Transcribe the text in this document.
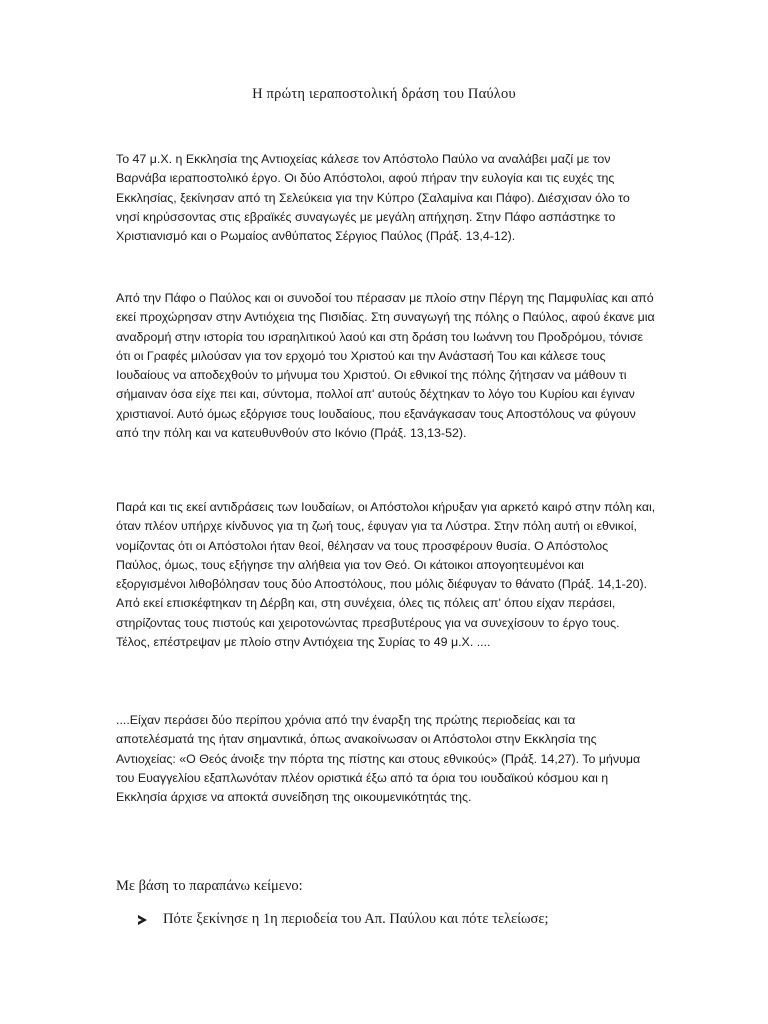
Η πρώτη ιεραποστολική δράση του Παύλου

Το 47 μ.Χ. η Εκκλησία της Αντιοχείας κάλεσε τον Απόστολο Παύλο να αναλάβει μαζί με τον Βαρνάβα ιεραποστολικό έργο. Οι δύο Απόστολοι, αφού πήραν την ευλογία και τις ευχές της Εκκλησίας, ξεκίνησαν από τη Σελεύκεια για την Κύπρο (Σαλαμίνα και Πάφο). Διέσχισαν όλο το νησί κηρύσσοντας στις εβραϊκές συναγωγές με μεγάλη απήχηση. Στην Πάφο ασπάστηκε το Χριστιανισμό και ο Ρωμαίος ανθύπατος Σέργιος Παύλος (Πράξ. 13,4-12).

Από την Πάφο ο Παύλος και οι συνοδοί του πέρασαν με πλοίο στην Πέργη της Παμφυλίας και από εκεί προχώρησαν στην Αντιόχεια της Πισιδίας. Στη συναγωγή της πόλης ο Παύλος, αφού έκανε μια αναδρομή στην ιστορία του ισραηλιτικού λαού και στη δράση του Ιωάννη του Προδρόμου, τόνισε ότι οι Γραφές μιλούσαν για τον ερχομό του Χριστού και την Ανάστασή Του και κάλεσε τους Ιουδαίους να αποδεχθούν το μήνυμα του Χριστού. Οι εθνικοί της πόλης ζήτησαν να μάθουν τι σήμαιναν όσα είχε πει και, σύντομα, πολλοί απ' αυτούς δέχτηκαν το λόγο του Κυρίου και έγιναν χριστιανοί. Αυτό όμως εξόργισε τους Ιουδαίους, που εξανάγκασαν τους Αποστόλους να φύγουν από την πόλη και να κατευθυνθούν στο Ικόνιο (Πράξ. 13,13-52).

Παρά και τις εκεί αντιδράσεις των Ιουδαίων, οι Απόστολοι κήρυξαν για αρκετό καιρό στην πόλη και, όταν πλέον υπήρχε κίνδυνος για τη ζωή τους, έφυγαν για τα Λύστρα. Στην πόλη αυτή οι εθνικοί, νομίζοντας ότι οι Απόστολοι ήταν θεοί, θέλησαν να τους προσφέρουν θυσία. Ο Απόστολος Παύλος, όμως, τους εξήγησε την αλήθεια για τον Θεό. Οι κάτοικοι απογοητευμένοι και εξοργισμένοι λιθοβόλησαν τους δύο Αποστόλους, που μόλις διέφυγαν το θάνατο (Πράξ. 14,1-20). Από εκεί επισκέφτηκαν τη Δέρβη και, στη συνέχεια, όλες τις πόλεις απ' όπου είχαν περάσει, στηρίζοντας τους πιστούς και χειροτονώντας πρεσβυτέρους για να συνεχίσουν το έργο τους. Τέλος, επέστρεψαν με πλοίο στην Αντιόχεια της Συρίας το 49 μ.Χ. ....

....Είχαν περάσει δύο περίπου χρόνια από την έναρξη της πρώτης περιοδείας και τα αποτελέσματά της ήταν σημαντικά, όπως ανακοίνωσαν οι Απόστολοι στην Εκκλησία της Αντιοχείας: «Ο Θεός άνοιξε την πόρτα της πίστης και στους εθνικούς» (Πράξ. 14,27). Το μήνυμα του Ευαγγελίου εξαπλωνόταν πλέον οριστικά έξω από τα όρια του ιουδαϊκού κόσμου και η Εκκλησία άρχισε να αποκτά συνείδηση της οικουμενικότητάς της.

Με βάση το παραπάνω κείμενο:
Πότε ξεκίνησε η 1η περιοδεία του Απ. Παύλου και πότε τελείωσε;
